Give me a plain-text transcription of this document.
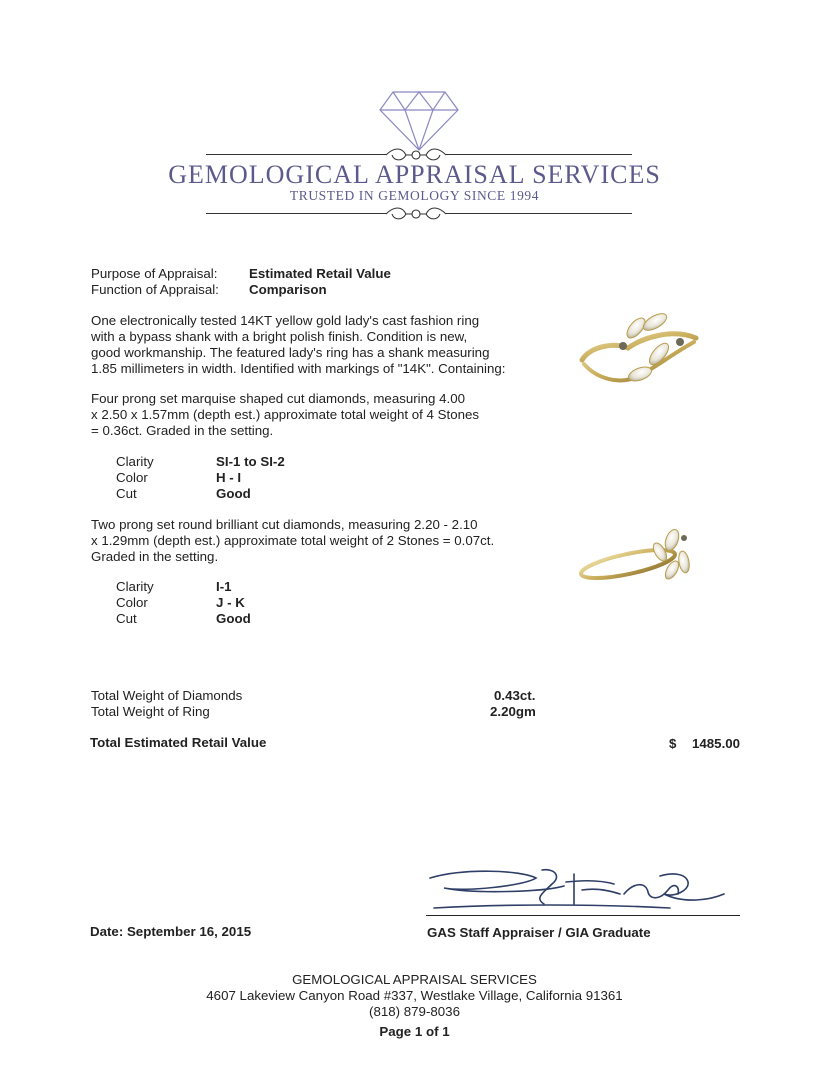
GEMOLOGICAL APPRAISAL SERVICES
TRUSTED IN GEMOLOGY SINCE 1994
Purpose of Appraisal: Estimated Retail Value
Function of Appraisal: Comparison
One electronically tested 14KT yellow gold lady's cast fashion ring
with a bypass shank with a bright polish finish. Condition is new,
good workmanship. The featured lady's ring has a shank measuring
1.85 millimeters in width. Identified with markings of "14K". Containing:
Four prong set marquise shaped cut diamonds, measuring 4.00
x 2.50 x 1.57mm (depth est.) approximate total weight of 4 Stones
= 0.36ct. Graded in the setting.
Clarity	SI-1 to SI-2
Color	H - I
Cut	Good
Two prong set round brilliant cut diamonds, measuring 2.20 - 2.10
x 1.29mm (depth est.) approximate total weight of 2 Stones = 0.07ct.
Graded in the setting.
Clarity	I-1
Color	J - K
Cut	Good
Total Weight of Diamonds	0.43ct.
Total Weight of Ring	2.20gm
Total Estimated Retail Value	$ 1485.00
Date: September 16, 2015	GAS Staff Appraiser / GIA Graduate
GEMOLOGICAL APPRAISAL SERVICES
4607 Lakeview Canyon Road #337, Westlake Village, California 91361
(818) 879-8036
Page 1 of 1
